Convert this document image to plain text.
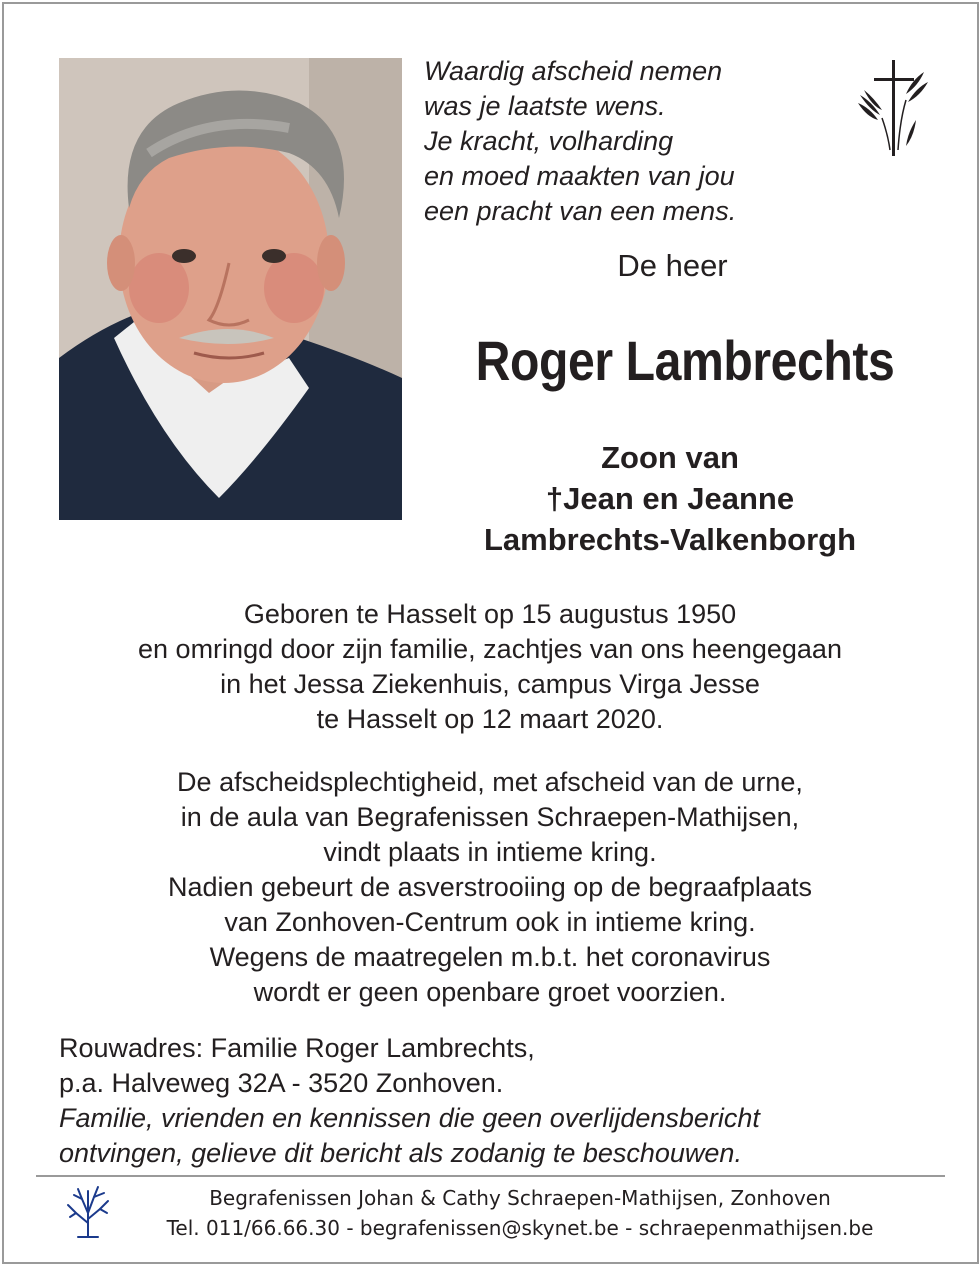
Waardig afscheid nemen
was je laatste wens.
Je kracht, volharding
en moed maakten van jou
een pracht van een mens.
De heer
Roger Lambrechts
Zoon van
†Jean en Jeanne
Lambrechts-Valkenborgh
Geboren te Hasselt op 15 augustus 1950
en omringd door zijn familie, zachtjes van ons heengegaan
in het Jessa Ziekenhuis, campus Virga Jesse
te Hasselt op 12 maart 2020.
De afscheidsplechtigheid, met afscheid van de urne,
in de aula van Begrafenissen Schraepen-Mathijsen,
vindt plaats in intieme kring.
Nadien gebeurt de asverstrooiing op de begraafplaats
van Zonhoven-Centrum ook in intieme kring.
Wegens de maatregelen m.b.t. het coronavirus
wordt er geen openbare groet voorzien.
Rouwadres: Familie Roger Lambrechts,
p.a. Halveweg 32A - 3520 Zonhoven.
Familie, vrienden en kennissen die geen overlijdensbericht
ontvingen, gelieve dit bericht als zodanig te beschouwen.
Begrafenissen Johan & Cathy Schraepen-Mathijsen, Zonhoven
Tel. 011/66.66.30 - begrafenissen@skynet.be - schraepenmathijsen.be
